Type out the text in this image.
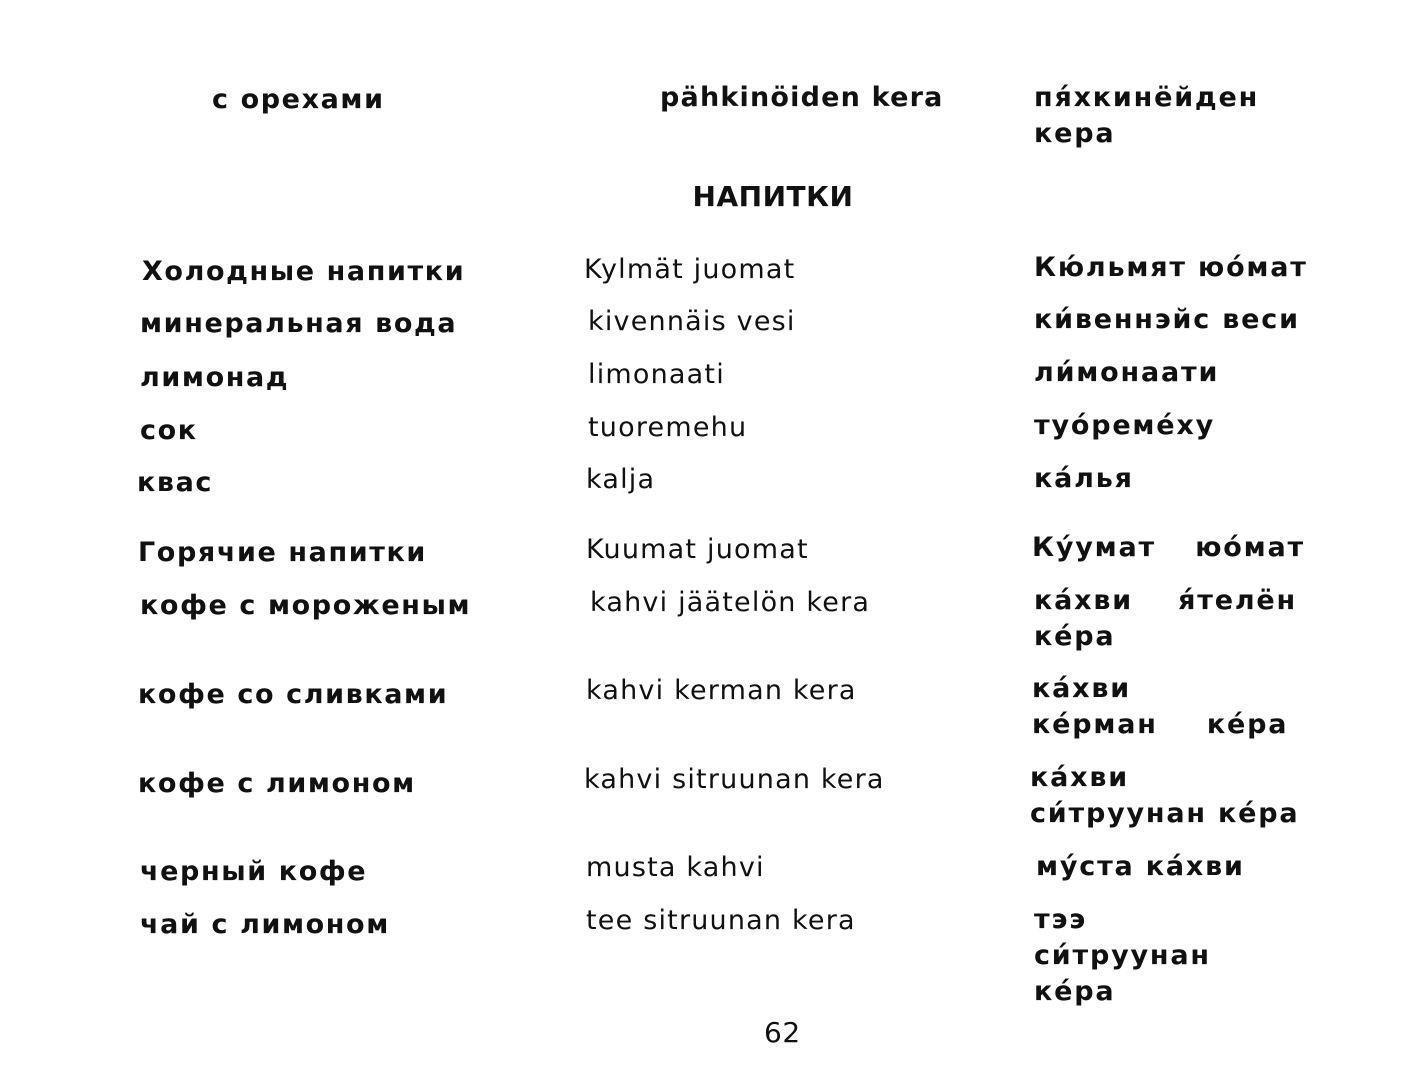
с орехами	pähkinöiden kera	пя́хкинёйден кера
НАПИТКИ
Холодные напитки	Kylmät juomat	Кю́льмят юо́мат
минеральная вода	kivennäis vesi	ки́веннэйс веси
лимонад	limonaati	ли́монаати
сок	tuoremehu	туо́реме́ху
квас	kalja	ка́лья
Горячие напитки	Kuumat juomat	Ку́умат юо́мат
кофе с мороженым	kahvi jäätelön kera	ка́хви я́телён ке́ра
кофе со сливками	kahvi kerman kera	ка́хви ке́рман ке́ра
кофе с лимоном	kahvi sitruunan kera	ка́хви си́труунан ке́ра
черный кофе	musta kahvi	му́ста ка́хви
чай с лимоном	tee sitruunan kera	тээ си́труунан ке́ра
62
